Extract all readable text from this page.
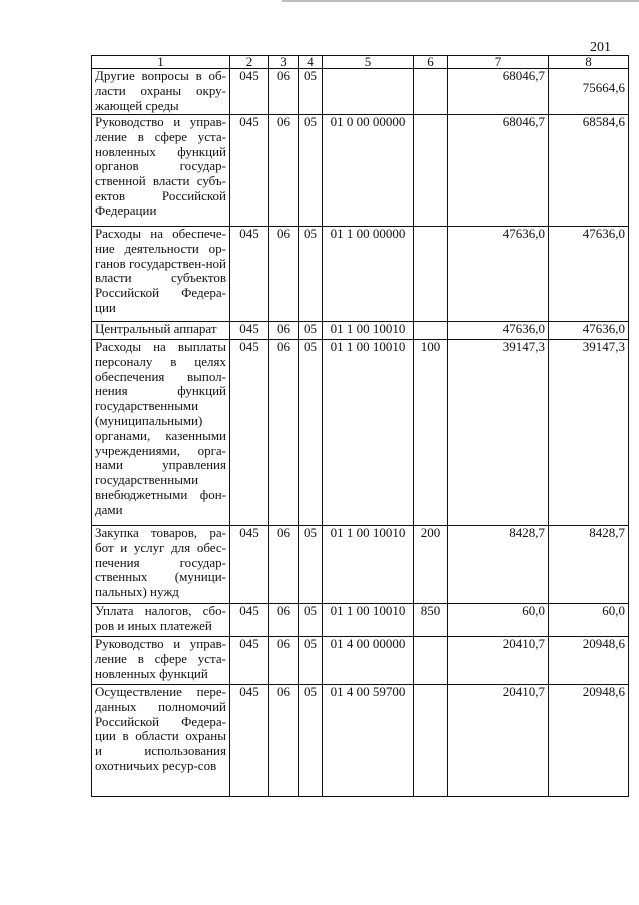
201
1	2	3	4	5	6	7	8
Другие вопросы в об-ласти охраны окру-жающей среды	045	06	05			68046,7	75664,6
Руководство и управ-ление в сфере уста-новленных функций органов государ-ственной власти субъ-ектов Российской Федерации	045	06	05	01 0 00 00000		68046,7	68584,6
Расходы на обеспече-ние деятельности ор-ганов государствен-ной власти субъектов Российской Федера-ции	045	06	05	01 1 00 00000		47636,0	47636,0
Центральный аппарат	045	06	05	01 1 00 10010		47636,0	47636,0
Расходы на выплаты персоналу в целях обеспечения выпол-нения функций государственными (муниципальными) органами, казенными учреждениями, орга-нами управления государственными внебюджетными фон-дами	045	06	05	01 1 00 10010	100	39147,3	39147,3
Закупка товаров, ра-бот и услуг для обес-печения государ-ственных (муници-пальных) нужд	045	06	05	01 1 00 10010	200	8428,7	8428,7
Уплата налогов, сбо-ров и иных платежей	045	06	05	01 1 00 10010	850	60,0	60,0
Руководство и управ-ление в сфере уста-новленных функций	045	06	05	01 4 00 00000		20410,7	20948,6
Осуществление пере-данных полномочий Российской Федера-ции в области охраны и использования охотничьих ресур-сов	045	06	05	01 4 00 59700		20410,7	20948,6
